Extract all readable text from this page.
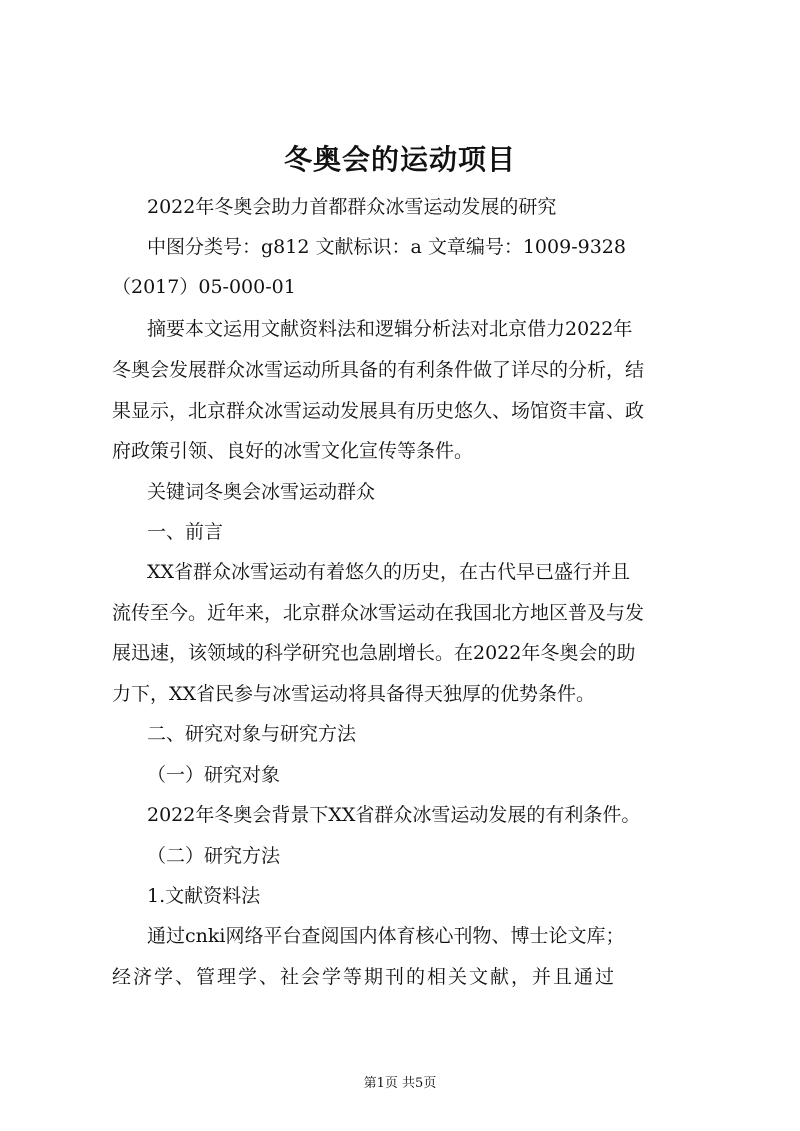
冬奥会的运动项目
2022年冬奥会助力首都群众冰雪运动发展的研究
中图分类号：g812 文献标识：a 文章编号：1009-9328
（2017）05-000-01
摘要本文运用文献资料法和逻辑分析法对北京借力2022年
冬奥会发展群众冰雪运动所具备的有利条件做了详尽的分析，结
果显示，北京群众冰雪运动发展具有历史悠久、场馆资丰富、政
府政策引领、良好的冰雪文化宣传等条件。
关键词冬奥会冰雪运动群众
一、前言
XX省群众冰雪运动有着悠久的历史，在古代早已盛行并且
流传至今。近年来，北京群众冰雪运动在我国北方地区普及与发
展迅速，该领域的科学研究也急剧增长。在2022年冬奥会的助
力下，XX省民参与冰雪运动将具备得天独厚的优势条件。
二、研究对象与研究方法
（一）研究对象
2022年冬奥会背景下XX省群众冰雪运动发展的有利条件。
（二）研究方法
1.文献资料法
通过cnki网络平台查阅国内体育核心刊物、博士论文库；
经济学、管理学、社会学等期刊的相关文献，并且通过
第1页 共5页
